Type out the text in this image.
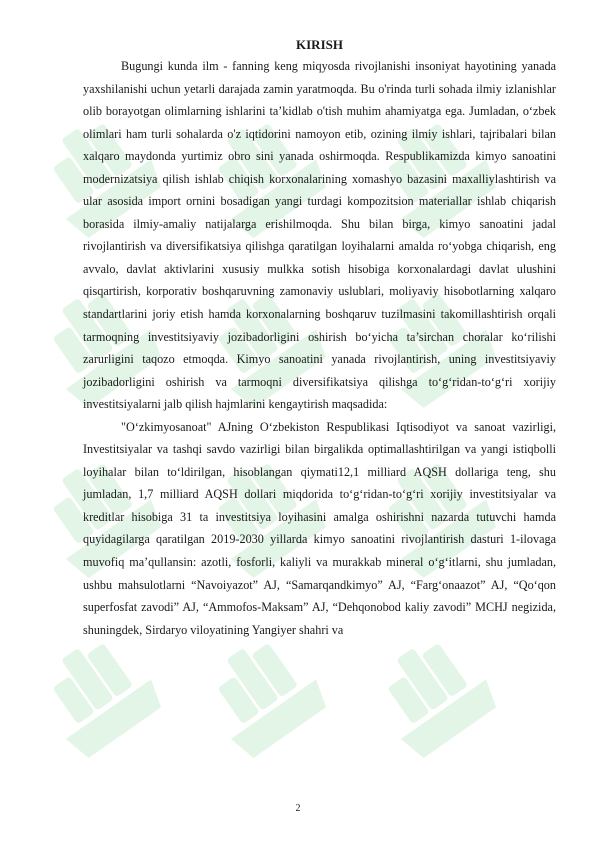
KIRISH

Bugungi kunda ilm - fanning keng miqyosda rivojlanishi insoniyat hayotining yanada yaxshilanishi uchun yetarli darajada zamin yaratmoqda. Bu o'rinda turli sohada ilmiy izlanishlar olib borayotgan olimlarning ishlarini ta’kidlab o'tish muhim ahamiyatga ega. Jumladan, o‘zbek olimlari ham turli sohalarda o'z iqtidorini namoyon etib, ozining ilmiy ishlari, tajribalari bilan xalqaro maydonda yurtimiz obro sini yanada oshirmoqda. Respublikamizda kimyo sanoatini modernizatsiya qilish ishlab chiqish korxonalarining xomashyo bazasini maxalliylashtirish va ular asosida import ornini bosadigan yangi turdagi kompozitsion materiallar ishlab chiqarish borasida ilmiy-amaliy natijalarga erishilmoqda. Shu bilan birga, kimyo sanoatini jadal rivojlantirish va diversifikatsiya qilishga qaratilgan loyihalarni amalda ro‘yobga chiqarish, eng avvalo, davlat aktivlarini xususiy mulkka sotish hisobiga korxonalardagi davlat ulushini qisqartirish, korporativ boshqaruvning zamonaviy uslublari, moliyaviy hisobotlarning xalqaro standartlarini joriy etish hamda korxonalarning boshqaruv tuzilmasini takomillashtirish orqali tarmoqning investitsiyaviy jozibadorligini oshirish bo‘yicha ta’sirchan choralar ko‘rilishi zarurligini taqozo etmoqda. Kimyo sanoatini yanada rivojlantirish, uning investitsiyaviy jozibadorligini oshirish va tarmoqni diversifikatsiya qilishga to‘g‘ridan-to‘g‘ri xorijiy investitsiyalarni jalb qilish hajmlarini kengaytirish maqsadida:

"O‘zkimyosanoat" AJning O‘zbekiston Respublikasi Iqtisodiyot va sanoat vazirligi, Investitsiyalar va tashqi savdo vazirligi bilan birgalikda optimallashtirilgan va yangi istiqbolli loyihalar bilan to‘ldirilgan, hisoblangan qiymati12,1 milliard AQSH dollariga teng, shu jumladan, 1,7 milliard AQSH dollari miqdorida to‘g‘ridan-to‘g‘ri xorijiy investitsiyalar va kreditlar hisobiga 31 ta investitsiya loyihasini amalga oshirishni nazarda tutuvchi hamda quyidagilarga qaratilgan 2019-2030 yillarda kimyo sanoatini rivojlantirish dasturi 1-ilovaga muvofiq ma’qullansin: azotli, fosforli, kaliyli va murakkab mineral o‘g‘itlarni, shu jumladan, ushbu mahsulotlarni “Navoiyazot” AJ, “Samarqandkimyo” AJ, “Farg‘onaazot” AJ, “Qo‘qon superfosfat zavodi” AJ, “Ammofos-Maksam” AJ, “Dehqonobod kaliy zavodi” MCHJ negizida, shuningdek, Sirdaryo viloyatining Yangiyer shahri va

2
